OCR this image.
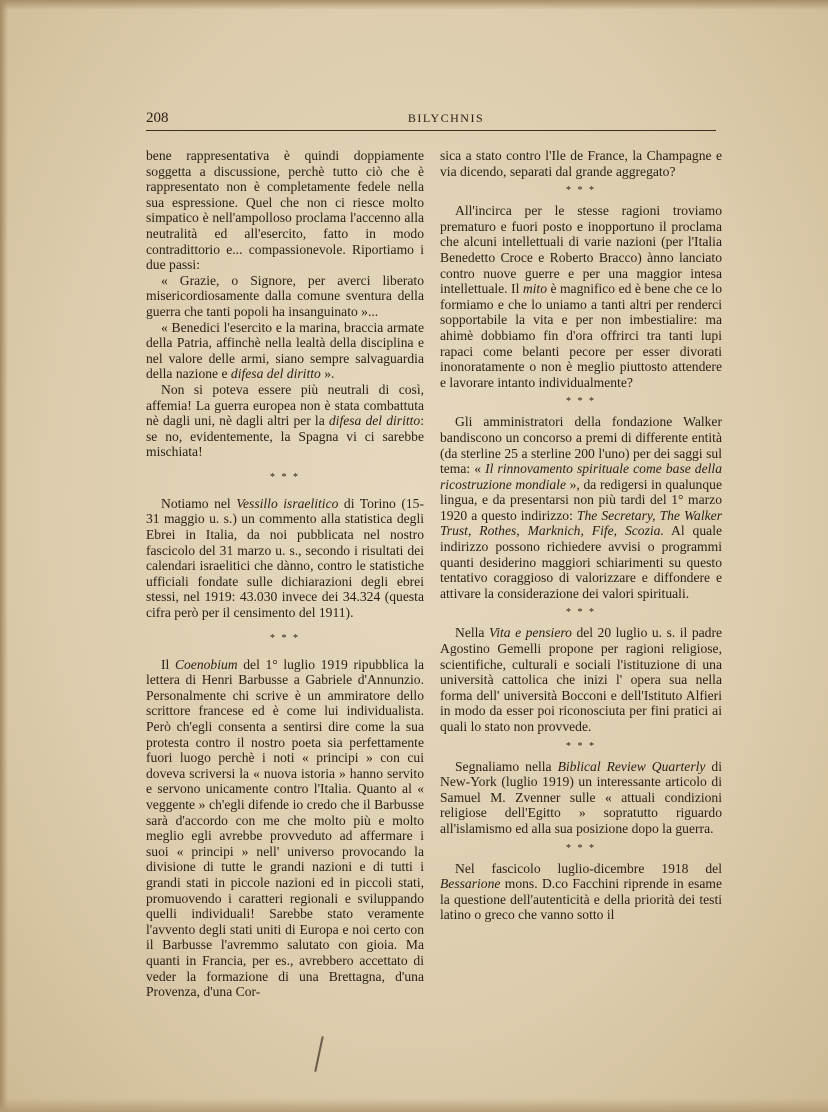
208	BILYCHNIS

bene rappresentativa è quindi doppiamente soggetta a discussione, perchè tutto ciò che è rappresentato non è completamente fedele nella sua espressione. Quel che non ci riesce molto simpatico è nell'ampolloso proclama l'accenno alla neutralità ed all'esercito, fatto in modo contradittorio e... compassionevole. Riportiamo i due passi:

« Grazie, o Signore, per averci liberato misericordiosamente dalla comune sventura della guerra che tanti popoli ha insanguinato »...

« Benedici l'esercito e la marina, braccia armate della Patria, affinchè nella lealtà della disciplina e nel valore delle armi, siano sempre salvaguardia della nazione e difesa del diritto ».

Non si poteva essere più neutrali di così, affemia! La guerra europea non è stata combattuta nè dagli uni, nè dagli altri per la difesa del diritto: se no, evidentemente, la Spagna vi ci sarebbe mischiata!

* * *

Notiamo nel Vessillo israelitico di Torino (15-31 maggio u. s.) un commento alla statistica degli Ebrei in Italia, da noi pubblicata nel nostro fascicolo del 31 marzo u. s., secondo i risultati dei calendari israelitici che dànno, contro le statistiche ufficiali fondate sulle dichiarazioni degli ebrei stessi, nel 1919: 43.030 invece dei 34.324 (questa cifra però per il censimento del 1911).

* * *

Il Coenobium del 1° luglio 1919 ripubblica la lettera di Henri Barbusse a Gabriele d'Annunzio. Personalmente chi scrive è un ammiratore dello scrittore francese ed è come lui individualista. Però ch'egli consenta a sentirsi dire come la sua protesta contro il nostro poeta sia perfettamente fuori luogo perchè i noti « principi » con cui doveva scriversi la « nuova istoria » hanno servito e servono unicamente contro l'Italia. Quanto al « veggente » ch'egli difende io credo che il Barbusse sarà d'accordo con me che molto più e molto meglio egli avrebbe provveduto ad affermare i suoi « principi » nell' universo provocando la divisione di tutte le grandi nazioni e di tutti i grandi stati in piccole nazioni ed in piccoli stati, promuovendo i caratteri regionali e sviluppando quelli individuali! Sarebbe stato veramente l'avvento degli stati uniti di Europa e noi certo con il Barbusse l'avremmo salutato con gioia. Ma quanti in Francia, per es., avrebbero accettato di veder la formazione di una Brettagna, d'una Provenza, d'una Cor-

sica a stato contro l'Ile de France, la Champagne e via dicendo, separati dal grande aggregato?

* * *

All'incirca per le stesse ragioni troviamo prematuro e fuori posto e inopportuno il proclama che alcuni intellettuali di varie nazioni (per l'Italia Benedetto Croce e Roberto Bracco) ànno lanciato contro nuove guerre e per una maggior intesa intellettuale. Il mito è magnifico ed è bene che ce lo formiamo e che lo uniamo a tanti altri per renderci sopportabile la vita e per non imbestialire: ma ahimè dobbiamo fin d'ora offrirci tra tanti lupi rapaci come belanti pecore per esser divorati inonoratamente o non è meglio piuttosto attendere e lavorare intanto individualmente?

* * *

Gli amministratori della fondazione Walker bandiscono un concorso a premi di differente entità (da sterline 25 a sterline 200 l'uno) per dei saggi sul tema: « Il rinnovamento spirituale come base della ricostruzione mondiale », da redigersi in qualunque lingua, e da presentarsi non più tardi del 1° marzo 1920 a questo indirizzo: The Secretary, The Walker Trust, Rothes, Marknich, Fife, Scozia. Al quale indirizzo possono richiedere avvisi o programmi quanti desiderino maggiori schiarimenti su questo tentativo coraggioso di valorizzare e diffondere e attivare la considerazione dei valori spirituali.

* * *

Nella Vita e pensiero del 20 luglio u. s. il padre Agostino Gemelli propone per ragioni religiose, scientifiche, culturali e sociali l'istituzione di una università cattolica che inizi l' opera sua nella forma dell' università Bocconi e dell'Istituto Alfieri in modo da esser poi riconosciuta per fini pratici ai quali lo stato non provvede.

* * *

Segnaliamo nella Biblical Review Quarterly di New-York (luglio 1919) un interessante articolo di Samuel M. Zvenner sulle « attuali condizioni religiose dell'Egitto » sopratutto riguardo all'islamismo ed alla sua posizione dopo la guerra.

* * *

Nel fascicolo luglio-dicembre 1918 del Bessarione mons. D.co Facchini riprende in esame la questione dell'autenticità e della priorità dei testi latino o greco che vanno sotto il
